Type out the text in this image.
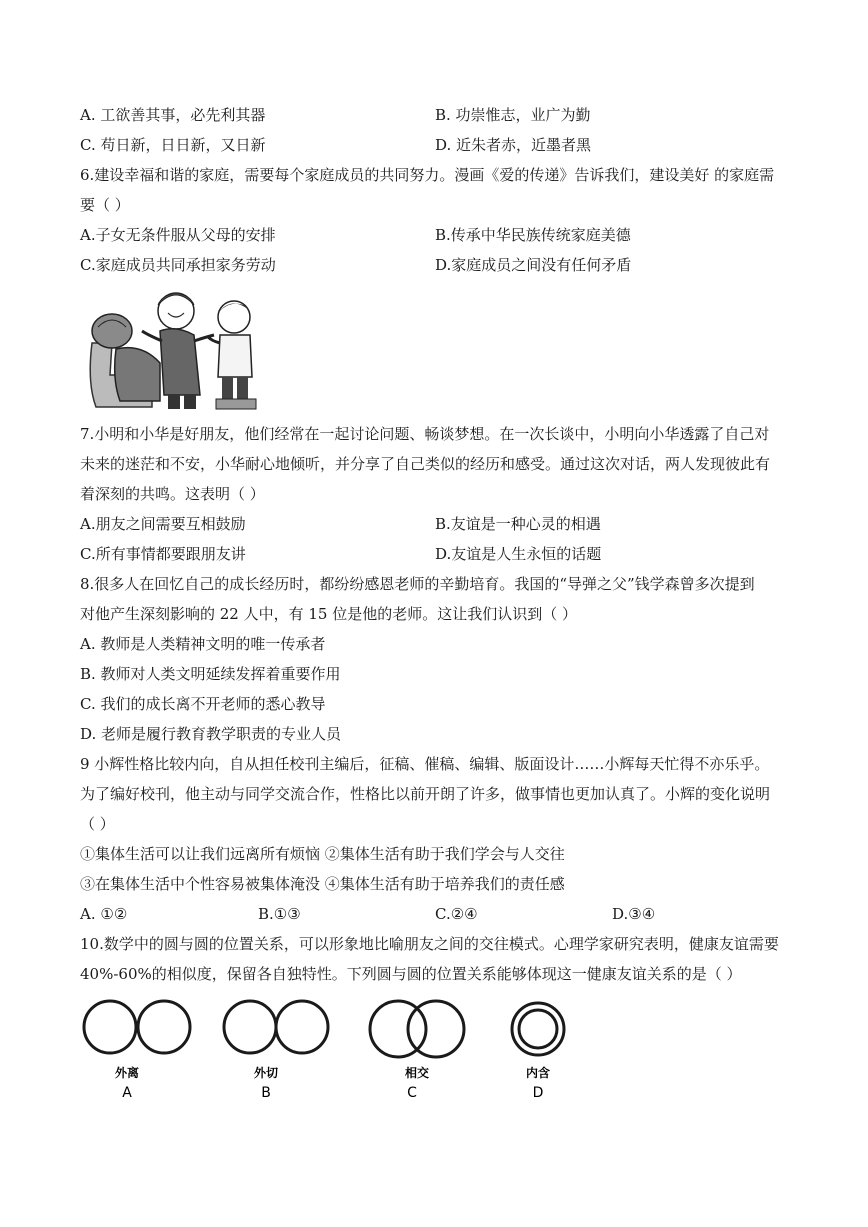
A. 工欲善其事，必先利其器	B. 功崇惟志，业广为勤
C. 苟日新，日日新，又日新	D. 近朱者赤，近墨者黑
6.建设幸福和谐的家庭，需要每个家庭成员的共同努力。漫画《爱的传递》告诉我们，建设美好 的家庭需
要（ ）
A.子女无条件服从父母的安排	B.传承中华民族传统家庭美德
C.家庭成员共同承担家务劳动	D.家庭成员之间没有任何矛盾
7.小明和小华是好朋友，他们经常在一起讨论问题、畅谈梦想。在一次长谈中，小明向小华透露了自己对
未来的迷茫和不安，小华耐心地倾听，并分享了自己类似的经历和感受。通过这次对话，两人发现彼此有
着深刻的共鸣。这表明（ ）
A.朋友之间需要互相鼓励	B.友谊是一种心灵的相遇
C.所有事情都要跟朋友讲	D.友谊是人生永恒的话题
8.很多人在回忆自己的成长经历时，都纷纷感恩老师的辛勤培育。我国的“导弹之父”钱学森曾多次提到
对他产生深刻影响的 22 人中，有 15 位是他的老师。这让我们认识到（ ）
A. 教师是人类精神文明的唯一传承者
B. 教师对人类文明延续发挥着重要作用
C. 我们的成长离不开老师的悉心教导
D. 老师是履行教育教学职责的专业人员
9 小辉性格比较内向，自从担任校刊主编后，征稿、催稿、编辑、版面设计……小辉每天忙得不亦乐乎。
为了编好校刊，他主动与同学交流合作，性格比以前开朗了许多，做事情也更加认真了。小辉的变化说明
（ ）
①集体生活可以让我们远离所有烦恼 ②集体生活有助于我们学会与人交往
③在集体生活中个性容易被集体淹没 ④集体生活有助于培养我们的责任感
A. ①②	B.①③	C.②④	D.③④
10.数学中的圆与圆的位置关系，可以形象地比喻朋友之间的交往模式。心理学家研究表明，健康友谊需要
40%-60%的相似度，保留各自独特性。下列圆与圆的位置关系能够体现这一健康友谊关系的是（ ）
外离
A
外切
B
相交
C
内含
D
